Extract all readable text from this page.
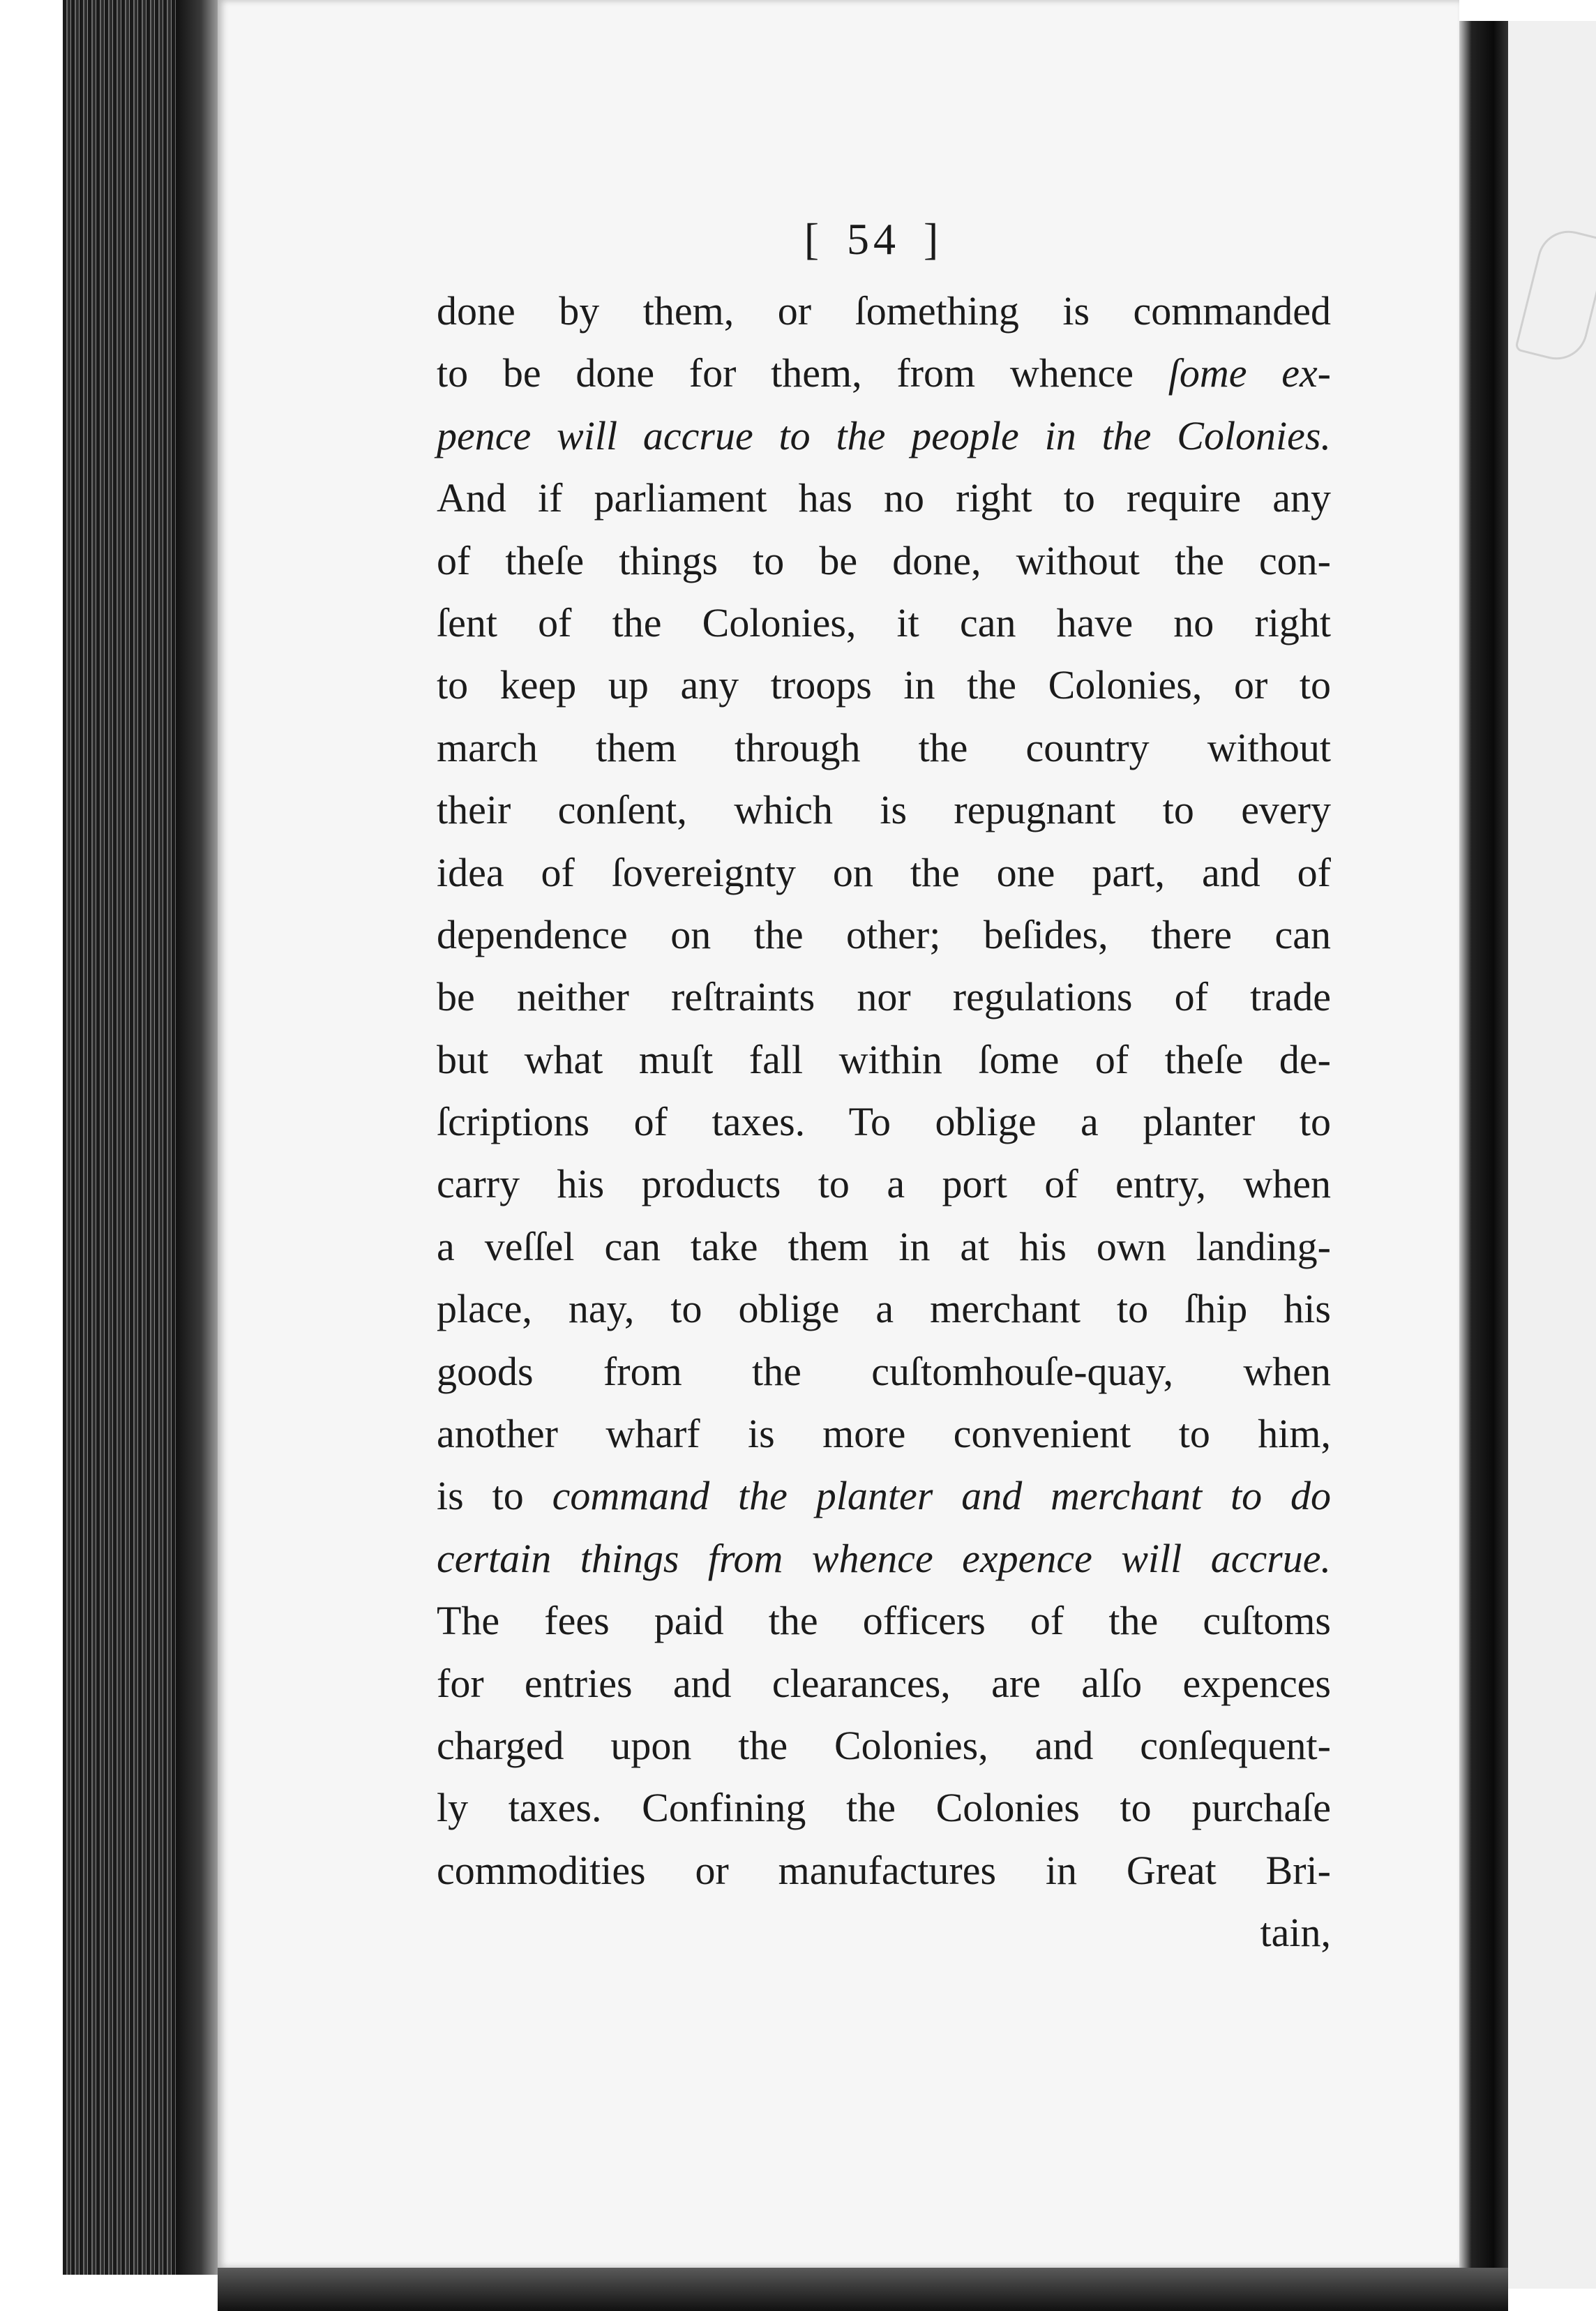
[ 54 ]
done by them, or ſomething is commanded
to be done for them, from whence ſome ex-
pence will accrue to the people in the Colonies.
And if parliament has no right to require any
of theſe things to be done, without the con-
ſent of the Colonies, it can have no right
to keep up any troops in the Colonies, or to
march them through the country without
their conſent, which is repugnant to every
idea of ſovereignty on the one part, and of
dependence on the other; beſides, there can
be neither reſtraints nor regulations of trade
but what muſt fall within ſome of theſe de-
ſcriptions of taxes. To oblige a planter to
carry his products to a port of entry, when
a veſſel can take them in at his own landing-
place, nay, to oblige a merchant to ſhip his
goods from the cuſtomhouſe-quay, when
another wharf is more convenient to him,
is to command the planter and merchant to do
certain things from whence expence will accrue.
The fees paid the officers of the cuſtoms
for entries and clearances, are alſo expences
charged upon the Colonies, and conſequent-
ly taxes. Confining the Colonies to purchaſe
commodities or manufactures in Great Bri-
tain,
